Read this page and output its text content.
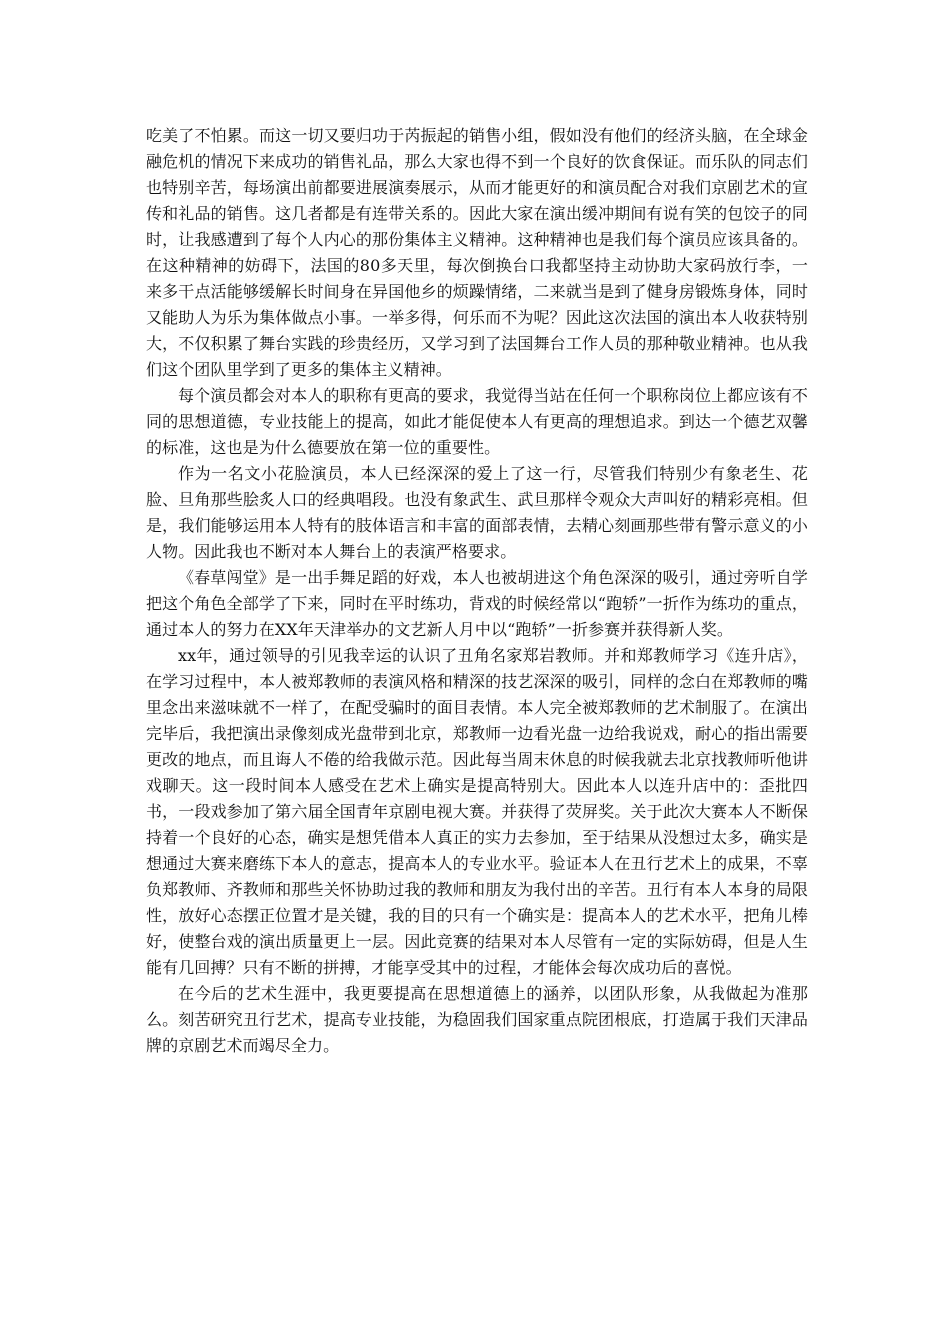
吃美了不怕累。而这一切又要归功于芮振起的销售小组，假如没有他们的经济头脑，在全球金融危机的情况下来成功的销售礼品，那么大家也得不到一个良好的饮食保证。而乐队的同志们也特别辛苦，每场演出前都要进展演奏展示，从而才能更好的和演员配合对我们京剧艺术的宣传和礼品的销售。这几者都是有连带关系的。因此大家在演出缓冲期间有说有笑的包饺子的同时，让我感遭到了每个人内心的那份集体主义精神。这种精神也是我们每个演员应该具备的。在这种精神的妨碍下，法国的80多天里，每次倒换台口我都坚持主动协助大家码放行李，一来多干点活能够缓解长时间身在异国他乡的烦躁情绪，二来就当是到了健身房锻炼身体，同时又能助人为乐为集体做点小事。一举多得，何乐而不为呢？因此这次法国的演出本人收获特别大，不仅积累了舞台实践的珍贵经历，又学习到了法国舞台工作人员的那种敬业精神。也从我们这个团队里学到了更多的集体主义精神。

每个演员都会对本人的职称有更高的要求，我觉得当站在任何一个职称岗位上都应该有不同的思想道德，专业技能上的提高，如此才能促使本人有更高的理想追求。到达一个德艺双馨的标准，这也是为什么德要放在第一位的重要性。

作为一名文小花脸演员，本人已经深深的爱上了这一行，尽管我们特别少有象老生、花脸、旦角那些脍炙人口的经典唱段。也没有象武生、武旦那样令观众大声叫好的精彩亮相。但是，我们能够运用本人特有的肢体语言和丰富的面部表情，去精心刻画那些带有警示意义的小人物。因此我也不断对本人舞台上的表演严格要求。

《春草闯堂》是一出手舞足蹈的好戏，本人也被胡进这个角色深深的吸引，通过旁听自学把这个角色全部学了下来，同时在平时练功，背戏的时候经常以“跑轿”一折作为练功的重点，通过本人的努力在XX年天津举办的文艺新人月中以“跑轿”一折参赛并获得新人奖。

xx年，通过领导的引见我幸运的认识了丑角名家郑岩教师。并和郑教师学习《连升店》，在学习过程中，本人被郑教师的表演风格和精深的技艺深深的吸引，同样的念白在郑教师的嘴里念出来滋味就不一样了，在配受骗时的面目表情。本人完全被郑教师的艺术制服了。在演出完毕后，我把演出录像刻成光盘带到北京，郑教师一边看光盘一边给我说戏，耐心的指出需要更改的地点，而且诲人不倦的给我做示范。因此每当周末休息的时候我就去北京找教师听他讲戏聊天。这一段时间本人感受在艺术上确实是提高特别大。因此本人以连升店中的：歪批四书，一段戏参加了第六届全国青年京剧电视大赛。并获得了荧屏奖。关于此次大赛本人不断保持着一个良好的心态，确实是想凭借本人真正的实力去参加，至于结果从没想过太多，确实是想通过大赛来磨练下本人的意志，提高本人的专业水平。验证本人在丑行艺术上的成果，不辜负郑教师、齐教师和那些关怀协助过我的教师和朋友为我付出的辛苦。丑行有本人本身的局限性，放好心态摆正位置才是关键，我的目的只有一个确实是：提高本人的艺术水平，把角儿棒好，使整台戏的演出质量更上一层。因此竞赛的结果对本人尽管有一定的实际妨碍，但是人生能有几回搏？只有不断的拼搏，才能享受其中的过程，才能体会每次成功后的喜悦。

在今后的艺术生涯中，我更要提高在思想道德上的涵养，以团队形象，从我做起为准那么。刻苦研究丑行艺术，提高专业技能，为稳固我们国家重点院团根底，打造属于我们天津品牌的京剧艺术而竭尽全力。
